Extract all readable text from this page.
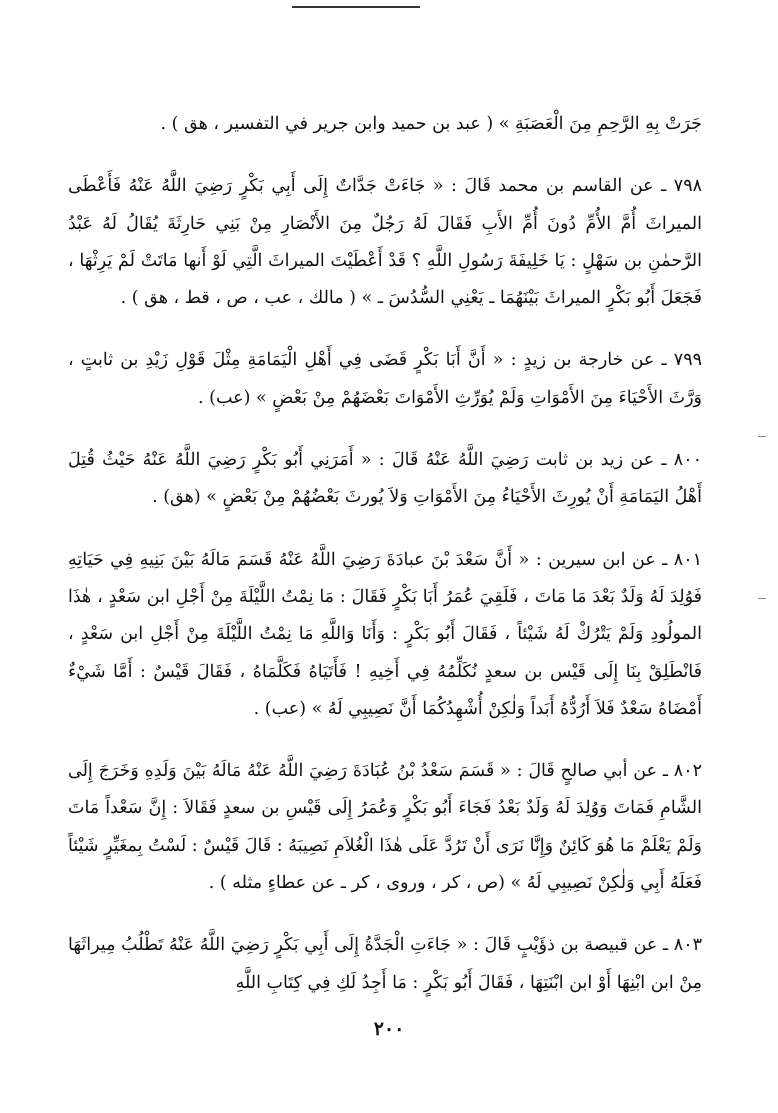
جَرَتْ بِهِ الرَّحِمِ مِنَ الْعَصَبَةِ » ( عبد بن حميد وابن جرير في التفسير ، هق ) .

٧٩٨ ـ عن القاسم بن محمد قَالَ : « جَاءَتْ جَدَّاتٌ إِلَى أَبِي بَكْرٍ رَضِيَ اللَّهُ عَنْهُ فَأَعْطَى الميراثَ أُمَّ الأُمِّ دُونَ أُمِّ الأَبِ فَقَالَ لَهُ رَجُلٌ مِنَ الأَنْصَارِ مِنْ بَنِي حَارِثَةَ يُقَالُ لَهُ عَبْدُ الرَّحمٰنِ بن سَهْلٍ : يَا خَلِيفَةَ رَسُولِ اللَّهِ ؟ قَدْ أَعْطَيْتَ الميراثَ الَّتِي لَوْ أَنها مَاتَتْ لَمْ يَرِثْهَا ، فَجَعَلَ أَبُو بَكْرٍ الميراثَ بَيْنَهُمَا ـ يَعْنِي السُّدُسَ ـ » ( مالك ، عب ، ص ، قط ، هق ) .

٧٩٩ ـ عن خارجة بن زيدٍ : « أَنَّ أَبَا بَكْرٍ قَضَى فِي أَهْلِ الْيَمَامَةِ مِثْلَ قَوْلِ زَيْدِ بن ثابتٍ ، وَرَّثَ الأَحْيَاءَ مِنَ الأَمْوَاتِ وَلَمْ يُوَرِّثِ الأَمْوَاتَ بَعْضَهُمْ مِنْ بَعْضٍ » (عب) .

٨٠٠ ـ عن زيد بن ثابت رَضِيَ اللَّهُ عَنْهُ قَالَ : « أَمَرَنِي أَبُو بَكْرٍ رَضِيَ اللَّهُ عَنْهُ حَيْثُ قُتِلَ أَهْلُ اليَمَامَةِ أَنْ يُورِثَ الأَحْيَاءُ مِنَ الأَمْوَاتِ وَلاَ يُورثَ بَعْضُهُمْ مِنْ بَعْضٍ » (هق) .

٨٠١ ـ عن ابن سيرين : « أَنَّ سَعْدَ بْنَ عبادَةَ رَضِيَ اللَّهُ عَنْهُ قَسَمَ مَالَهُ بَيْنَ بَنِيهِ فِي حَيَاتِهِ فَوُلِدَ لَهُ وَلَدٌ بَعْدَ مَا مَاتَ ، فَلَقِيَ عُمَرُ أَبَا بَكْرٍ فَقَالَ : مَا نِمْتُ اللَّيْلَةَ مِنْ أَجْلِ ابن سَعْدٍ ، هٰذَا المولُودِ وَلَمْ يَتْرُكْ لَهُ شَيْئاً ، فَقَالَ أَبُو بَكْرٍ : وَأَنَا وَاللَّهِ مَا نِمْتُ اللَّيْلَةَ مِنْ أَجْلِ ابن سَعْدٍ ، فَانْطَلِقْ بِنَا إِلَى قَيْس بن سعدٍ نُكَلِّمُهُ فِي أَخِيهِ ! فَأَتَيَاهُ فَكَلَّمَاهُ ، فَقَالَ قَيْسٌ : أَمَّا شَيْءٌ أَمْضَاهُ سَعْدٌ فَلاَ أَرُدُّهُ أَبَداً وَلٰكِنْ أُشْهِدُكُمَا أَنَّ نَصِيبِي لَهُ » (عب) .

٨٠٢ ـ عن أبي صالحٍ قَالَ : « قَسَمَ سَعْدُ بْنُ عُبَادَةَ رَضِيَ اللَّهُ عَنْهُ مَالَهُ بَيْنَ وَلَدِهِ وَخَرَجَ إِلَى الشَّامِ فَمَاتَ وَوُلِدَ لَهُ وَلَدٌ بَعْدُ فَجَاءَ أَبُو بَكْرٍ وَعُمَرُ إِلَى قَيْسِ بن سعدٍ فَقَالاَ : إِنَّ سَعْداً مَاتَ وَلَمْ يَعْلَمْ مَا هُوَ كَائِنٌ وَإِنَّا نَرَى أَنْ تَرُدَّ عَلَى هٰذَا الْغُلاَمِ نَصِيبَهُ : قَالَ قَيْسٌ : لَسْتُ بِمغَيِّرٍ شَيْئاً فَعَلَهُ أَبِي وَلٰكِنْ نَصِيبِي لَهُ » (ص ، كر ، وروى ، كر ـ عن عطاءٍ مثله ) .

٨٠٣ ـ عن قبيصة بن ذؤَيْبٍ قَالَ : « جَاءَتِ الْجَدَّةُ إِلَى أَبِي بَكْرٍ رَضِيَ اللَّهُ عَنْهُ تَطْلُبُ مِيراثَهَا مِنْ ابن ابْنِهَا أَوْ ابن ابْنَتِهَا ، فَقَالَ أَبُو بَكْرٍ : مَا أَجِدُ لَكِ فِي كِتَابِ اللَّهِ

٢٠٠
